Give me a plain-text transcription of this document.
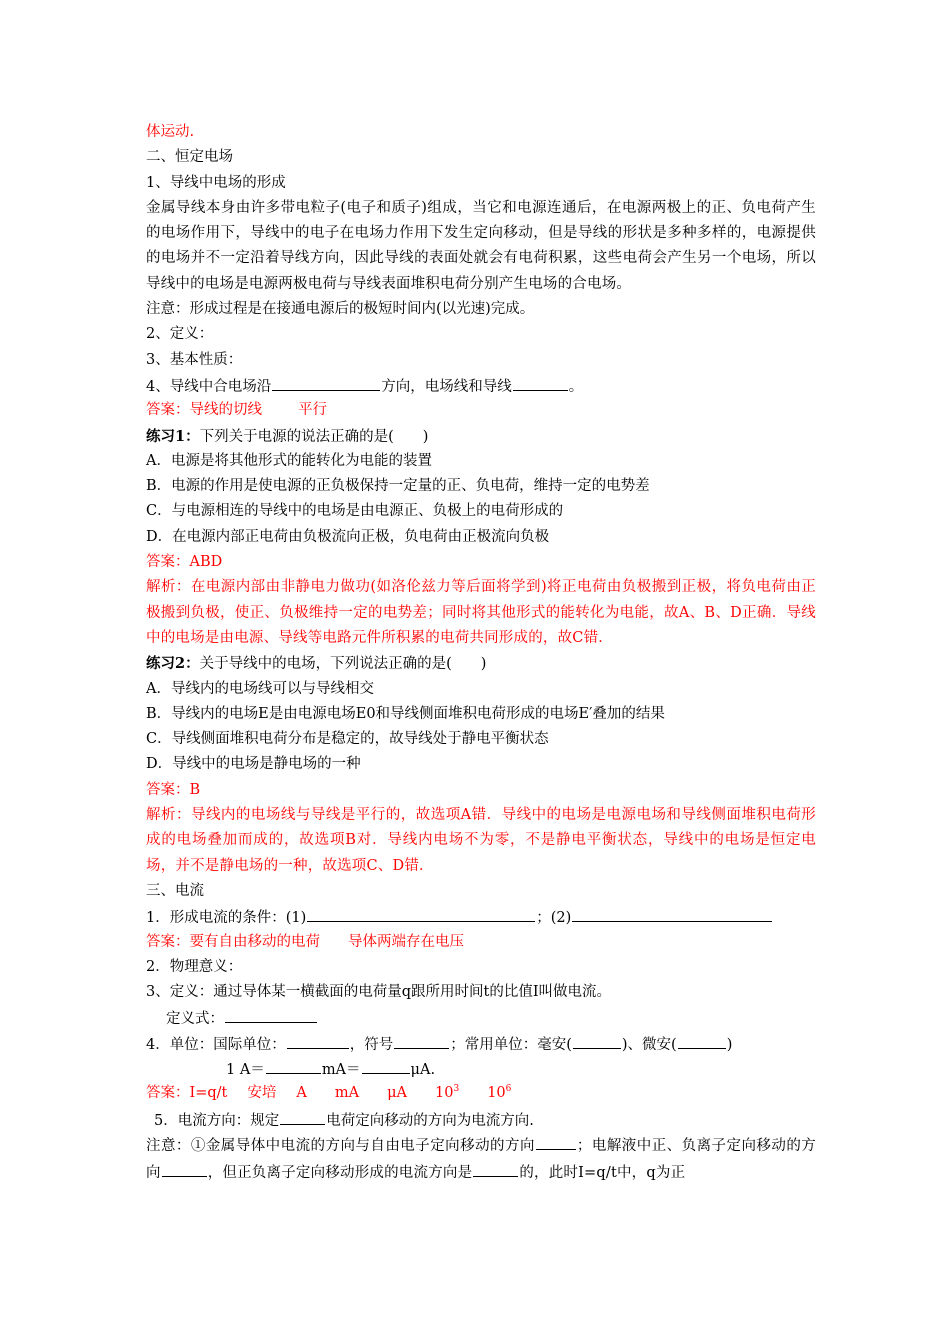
体运动.
二、恒定电场
1、导线中电场的形成
金属导线本身由许多带电粒子(电子和质子)组成，当它和电源连通后，在电源两极上的正、负电荷产生的电场作用下，导线中的电子在电场力作用下发生定向移动，但是导线的形状是多种多样的，电源提供的电场并不一定沿着导线方向，因此导线的表面处就会有电荷积累，这些电荷会产生另一个电场，所以导线中的电场是电源两极电荷与导线表面堆积电荷分别产生电场的合电场。
注意：形成过程是在接通电源后的极短时间内(以光速)完成。
2、定义：
3、基本性质：
4、导线中合电场沿	方向，电场线和导线	。
答案：导线的切线 平行
练习1：下列关于电源的说法正确的是(　　)
A．电源是将其他形式的能转化为电能的装置
B．电源的作用是使电源的正负极保持一定量的正、负电荷，维持一定的电势差
C．与电源相连的导线中的电场是由电源正、负极上的电荷形成的
D．在电源内部正电荷由负极流向正极，负电荷由正极流向负极
答案：ABD
解析：在电源内部由非静电力做功(如洛伦兹力等后面将学到)将正电荷由负极搬到正极，将负电荷由正极搬到负极，使正、负极维持一定的电势差；同时将其他形式的能转化为电能，故A、B、D正确．导线中的电场是由电源、导线等电路元件所积累的电荷共同形成的，故C错．
练习2：关于导线中的电场，下列说法正确的是(　　)
A．导线内的电场线可以与导线相交
B．导线内的电场E是由电源电场E0和导线侧面堆积电荷形成的电场E′叠加的结果
C．导线侧面堆积电荷分布是稳定的，故导线处于静电平衡状态
D．导线中的电场是静电场的一种
答案：B
解析：导线内的电场线与导线是平行的，故选项A错．导线中的电场是电源电场和导线侧面堆积电荷形成的电场叠加而成的，故选项B对．导线内电场不为零，不是静电平衡状态，导线中的电场是恒定电场，并不是静电场的一种，故选项C、D错．
三、电流
1．形成电流的条件：(1)	；(2)
答案：要有自由移动的电荷 导体两端存在电压
2．物理意义：
3、定义：通过导体某一横截面的电荷量q跟所用时间t的比值I叫做电流。
定义式：
4．单位：国际单位：	，符号	；常用单位：毫安(	)、微安(	)
1 A＝	mA＝	μA.
答案：I=q/t 安培 A mA μA $10^3$ $10^6$
5．电流方向：规定	电荷定向移动的方向为电流方向.
注意：①金属导体中电流的方向与自由电子定向移动的方向	；电解液中正、负离子定向移动的方向	，但正负离子定向移动形成的电流方向是	的，此时I=q/t中，q为正
